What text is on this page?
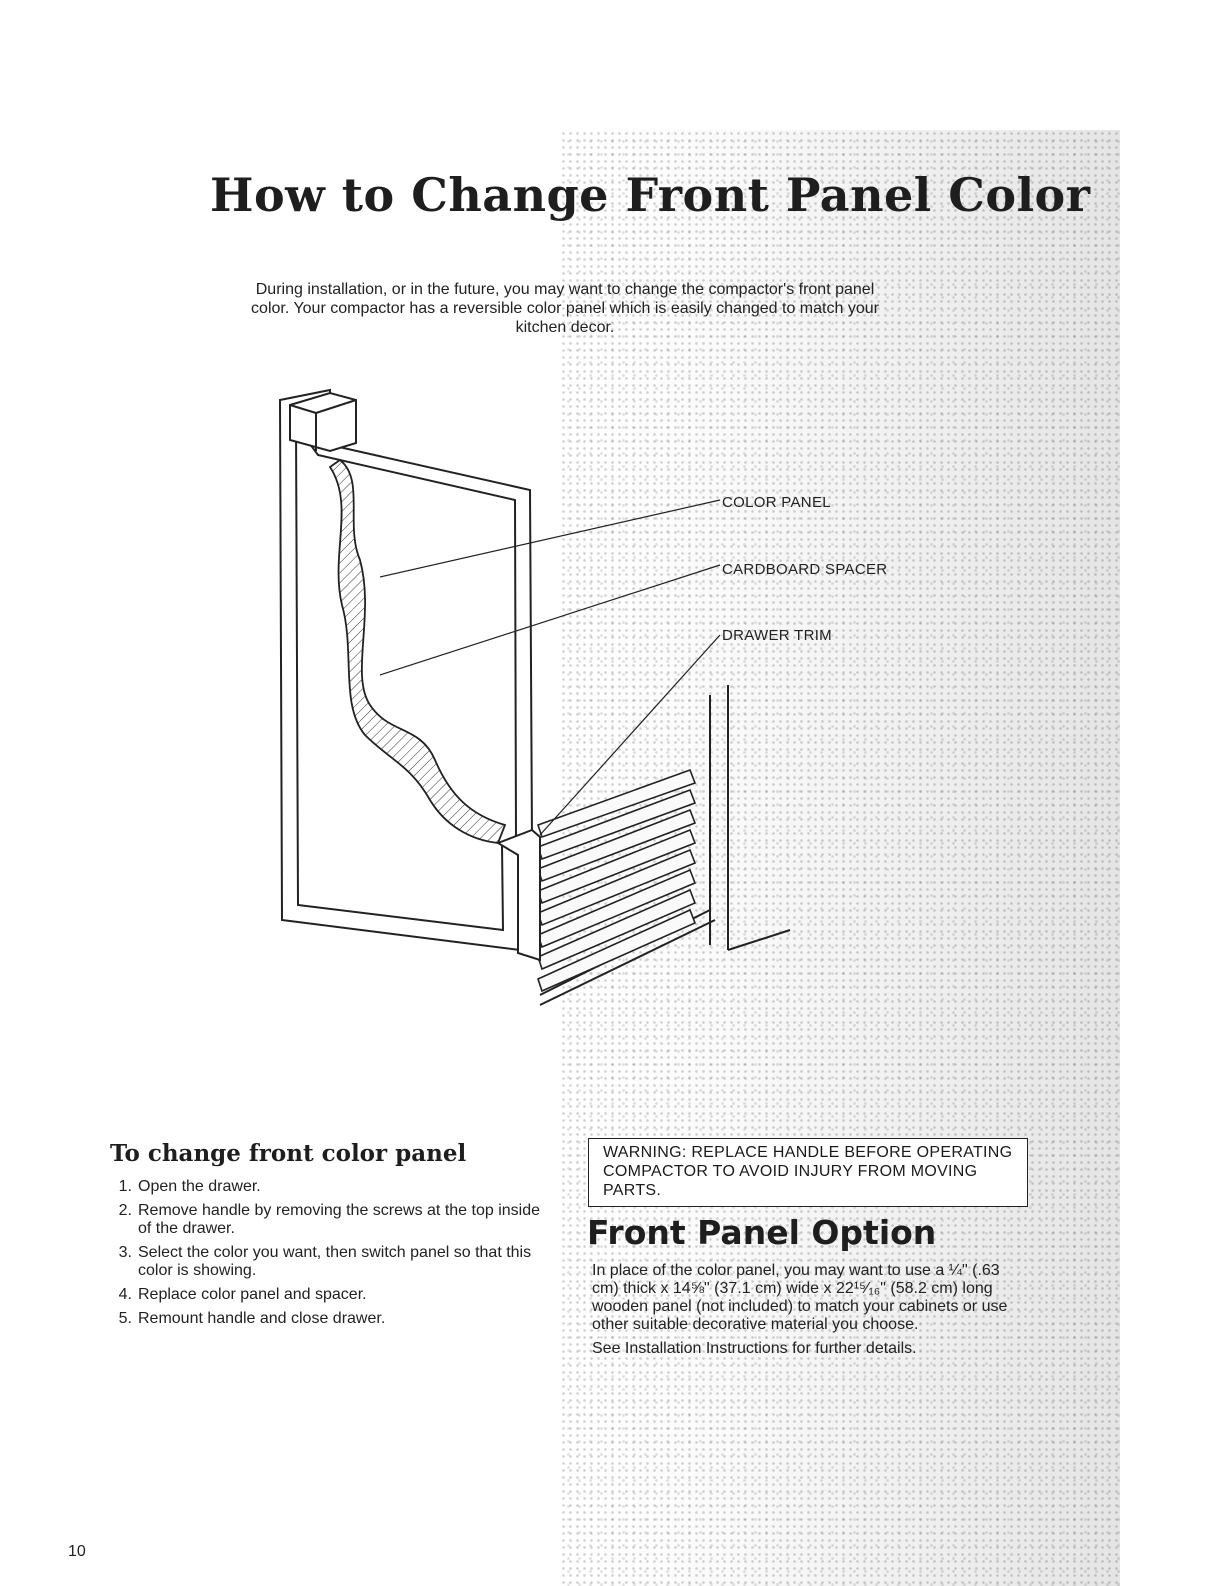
How to Change Front Panel Color

During installation, or in the future, you may want to change the compactor's front panel color. Your compactor has a reversible color panel which is easily changed to match your kitchen decor.

COLOR PANEL
CARDBOARD SPACER
DRAWER TRIM
To change front color panel
1. Open the drawer.
2. Remove handle by removing the screws at the top inside of the drawer.
3. Select the color you want, then switch panel so that this color is showing.
4. Replace color panel and spacer.
5. Remount handle and close drawer.
WARNING: REPLACE HANDLE BEFORE OPERATING COMPACTOR TO AVOID INJURY FROM MOVING PARTS.
Front Panel Option

In place of the color panel, you may want to use a ¼" (.63 cm) thick x 14⅝" (37.1 cm) wide x 22¹⁵⁄₁₆" (58.2 cm) long wooden panel (not included) to match your cabinets or use other suitable decorative material you choose.

See Installation Instructions for further details.

10
